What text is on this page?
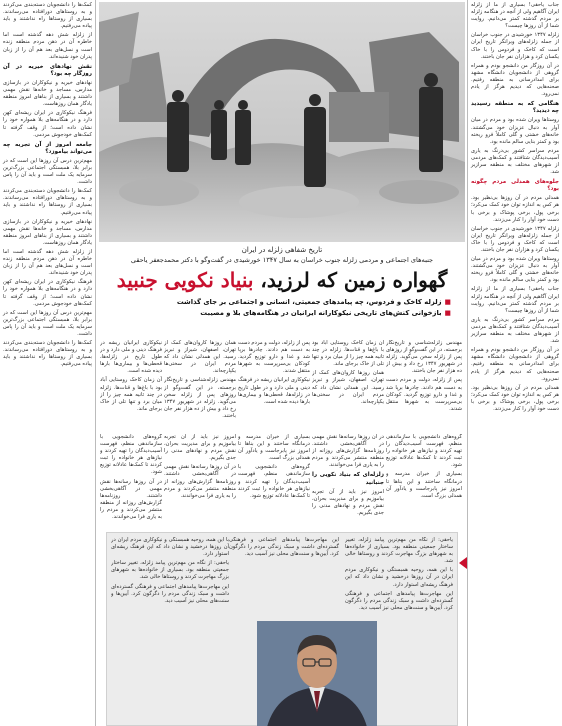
جناب یاحقی! بسیاری از ما از زلزله ایران آگاهیم ولی از آنچه در هنگامه زلزله بر مردم گذشته کمتر می‌دانیم. روایت شما از آن روزها چیست؟

زلزله ۱۳۴۷ خورشیدی در جنوب خراسان از جمله زلزله‌های ویرانگر تاریخ ایران است که کاخک و فردوس را با خاک یکسان کرد و هزاران نفر جان باختند.

در آن روزگار من دانشجو بودم و همراه گروهی از دانشجویان دانشگاه مشهد برای امدادرسانی به منطقه رفتیم. صحنه‌هایی که دیدیم هرگز از یادم نمی‌رود.

هنگامی که به منطقه رسیدید چه دیدید؟

روستاها ویران شده بود و مردم در میان آوار به دنبال عزیزان خود می‌گشتند. خانه‌های خشتی و گلی کاملاً فرو ریخته بود و کمتر بنایی سالم مانده بود.

مردم سراسر کشور بی‌درنگ به یاری آسیب‌دیدگان شتافتند و کمک‌های مردمی از شهرهای مختلف به منطقه سرازیر شد.

جلوه‌های همدلی مردم چگونه بود؟

همدلی مردم در آن روزها بی‌نظیر بود. هر کس به اندازه توان خود کمک می‌کرد؛ برخی پول، برخی پوشاک و برخی با دست خود آوار را کنار می‌زدند.

زلزله ۱۳۴۷ خورشیدی در جنوب خراسان از جمله زلزله‌های ویرانگر تاریخ ایران است که کاخک و فردوس را با خاک یکسان کرد و هزاران نفر جان باختند.

روستاها ویران شده بود و مردم در میان آوار به دنبال عزیزان خود می‌گشتند. خانه‌های خشتی و گلی کاملاً فرو ریخته بود و کمتر بنایی سالم مانده بود.

جناب یاحقی! بسیاری از ما از زلزله ایران آگاهیم ولی از آنچه در هنگامه زلزله بر مردم گذشته کمتر می‌دانیم. روایت شما از آن روزها چیست؟

مردم سراسر کشور بی‌درنگ به یاری آسیب‌دیدگان شتافتند و کمک‌های مردمی از شهرهای مختلف به منطقه سرازیر شد.

در آن روزگار من دانشجو بودم و همراه گروهی از دانشجویان دانشگاه مشهد برای امدادرسانی به منطقه رفتیم. صحنه‌هایی که دیدیم هرگز از یادم نمی‌رود.

همدلی مردم در آن روزها بی‌نظیر بود. هر کس به اندازه توان خود کمک می‌کرد؛ برخی پول، برخی پوشاک و برخی با دست خود آوار را کنار می‌زدند.

کمک‌ها را دانشجویان دسته‌بندی می‌کردند و به روستاهای دورافتاده می‌رساندند. بسیاری از روستاها راه نداشتند و باید پیاده می‌رفتیم.

از زلزله شش دهه گذشته است اما خاطره آن در ذهن مردم منطقه زنده است و نسل‌های بعد هم آن را از زبان پدران خود شنیده‌اند.

نقش نهادهای خیریه در آن روزگار چه بود؟

نهادهای خیریه و نیکوکاران در بازسازی مدارس، مساجد و خانه‌ها نقش مهمی داشتند و بسیاری از بناهای امروز منطقه یادگار همان روزهاست.

فرهنگ نیکوکاری در ایران ریشه‌ای کهن دارد و در هنگامه‌های بلا همواره خود را نشان داده است؛ از وقف گرفته تا کمک‌های خودجوش مردمی.

جامعه امروز از آن تجربه چه می‌تواند بیاموزد؟

مهم‌ترین درس آن روزها این است که در برابر بلا، همبستگی اجتماعی بزرگ‌ترین سرمایه یک ملت است و باید آن را پاس داشت.

کمک‌ها را دانشجویان دسته‌بندی می‌کردند و به روستاهای دورافتاده می‌رساندند. بسیاری از روستاها راه نداشتند و باید پیاده می‌رفتیم.

نهادهای خیریه و نیکوکاران در بازسازی مدارس، مساجد و خانه‌ها نقش مهمی داشتند و بسیاری از بناهای امروز منطقه یادگار همان روزهاست.

از زلزله شش دهه گذشته است اما خاطره آن در ذهن مردم منطقه زنده است و نسل‌های بعد هم آن را از زبان پدران خود شنیده‌اند.

فرهنگ نیکوکاری در ایران ریشه‌ای کهن دارد و در هنگامه‌های بلا همواره خود را نشان داده است؛ از وقف گرفته تا کمک‌های خودجوش مردمی.

مهم‌ترین درس آن روزها این است که در برابر بلا، همبستگی اجتماعی بزرگ‌ترین سرمایه یک ملت است و باید آن را پاس داشت.

کمک‌ها را دانشجویان دسته‌بندی می‌کردند و به روستاهای دورافتاده می‌رساندند. بسیاری از روستاها راه نداشتند و باید پیاده می‌رفتیم.

تاریخ شفاهی زلزله در ایران
جنبه‌های اجتماعی و مردمی زلزله جنوب خراسان به سال ۱۳۴۷ خورشیدی در گفت‌وگو با دکتر محمدجعفر یاحقی
گهواره زمین که لرزید، بنیاد نکویی جنبید
■زلزله کاخک و فردوس، چه پیامدهای جمعیتی، انسانی و اجتماعی بر جای گذاشت
■بازخوانی کنش‌های تاریخی نیکوکارانه ایرانیان در هنگامه‌های بلا و مصیبت

مهندس زلزله‌شناسی و تاریخ‌نگار برجسته، در این گفت‌وگو از روزهای پس از زلزله سخن می‌گوید. زلزله در شهریور ۱۳۴۷ رخ داد و بیش از ده هزار نفر جان باختند.

پس از زلزله، دولت و مردم دست به دست هم دادند. چادرها برپا شد و غذا و دارو توزیع گردید. کودکان بی‌سرپرست به شهرها منتقل شدند.

آن زمان کاخک روستایی آباد بود با باغ‌ها و قنات‌ها. زلزله در چند ثانیه همه چیز را از میان برد و تنها تلی از خاک برجای ماند.

همان روزها کاروان‌های کمک از تهران، اصفهان، شیراز و تبریز رسید. این همدلی نشان داد که مردم ایران در سختی‌ها یکپارچه‌اند.

پس از زلزله، دولت و مردم دست به دست هم دادند. چادرها برپا شد و غذا و دارو توزیع گردید. کودکان بی‌سرپرست به شهرها منتقل شدند.

نیکوکاری ایرانیان ریشه در فرهنگ دینی و ملی دارد و در طول تاریخ در زلزله‌ها، قحطی‌ها و بیماری‌ها بارها دیده شده است.

همان روزها کاروان‌های کمک از تهران، اصفهان، شیراز و تبریز رسید. این همدلی نشان داد که مردم ایران در سختی‌ها یکپارچه‌اند.

مهندس زلزله‌شناسی و تاریخ‌نگار برجسته، در این گفت‌وگو از روزهای پس از زلزله سخن می‌گوید. زلزله در شهریور ۱۳۴۷ رخ داد و بیش از ده هزار نفر جان باختند.

نیکوکاری ایرانیان ریشه در فرهنگ دینی و ملی دارد و در طول تاریخ در زلزله‌ها، قحطی‌ها و بیماری‌ها بارها دیده شده است.

آن زمان کاخک روستایی آباد بود با باغ‌ها و قنات‌ها. زلزله در چند ثانیه همه چیز را از میان برد و تنها تلی از خاک برجای ماند.

گروه‌های دانشجویی با سازماندهی منظم، فهرست آسیب‌دیدگان را تهیه کردند و نیازهای هر خانواده را ثبت کردند تا کمک‌ها عادلانه توزیع شود.

بسیاری از خیران مدرسه و درمانگاه ساختند و این بناها تا امروز نیز پابرجاست و یادآور آن همدلی بزرگ است.

در آن روزها رسانه‌ها نقش مهمی در آگاهی‌بخشی داشتند. روزنامه‌ها گزارش‌های روزانه از منطقه منتشر می‌کردند و مردم را به یاری فرا می‌خواندند.

زلزله‌ای که بنیاد نکویی را جنبانید

امروز نیز باید از آن تجربه بیاموزیم و برای مدیریت بحران، نقش مردم و نهادهای مدنی را جدی بگیریم.

بسیاری از خیران مدرسه و درمانگاه ساختند و این بناها تا امروز نیز پابرجاست و یادآور آن همدلی بزرگ است.

گروه‌های دانشجویی با سازماندهی منظم، فهرست آسیب‌دیدگان را تهیه کردند و نیازهای هر خانواده را ثبت کردند تا کمک‌ها عادلانه توزیع شود.

امروز نیز باید از آن تجربه بیاموزیم و برای مدیریت بحران، نقش مردم و نهادهای مدنی را جدی بگیریم.

در آن روزها رسانه‌ها نقش مهمی در آگاهی‌بخشی داشتند. روزنامه‌ها گزارش‌های روزانه از منطقه منتشر می‌کردند و مردم را به یاری فرا می‌خواندند.

گروه‌های دانشجویی با سازماندهی منظم، فهرست آسیب‌دیدگان را تهیه کردند و نیازهای هر خانواده را ثبت کردند تا کمک‌ها عادلانه توزیع شود.

در آن روزها رسانه‌ها نقش مهمی در آگاهی‌بخشی داشتند. روزنامه‌ها گزارش‌های روزانه از منطقه منتشر می‌کردند و مردم را به یاری فرا می‌خواندند.

یاحقی: از نگاه من مهم‌ترین پیامد زلزله، تغییر ساختار جمعیتی منطقه بود. بسیاری از خانواده‌ها به شهرهای بزرگ مهاجرت کردند و روستاها خالی شد.

با این همه، روحیه همبستگی و نیکوکاری مردم ایران در آن روزها درخشید و نشان داد که این فرهنگ ریشه‌ای استوار دارد.

این مهاجرت‌ها پیامدهای اجتماعی و فرهنگی گسترده‌ای داشت و سبک زندگی مردم را دگرگون کرد. آیین‌ها و سنت‌های محلی نیز آسیب دید.

این مهاجرت‌ها پیامدهای اجتماعی و فرهنگی گسترده‌ای داشت و سبک زندگی مردم را دگرگون کرد. آیین‌ها و سنت‌های محلی نیز آسیب دید.

با این همه، روحیه همبستگی و نیکوکاری مردم ایران در آن روزها درخشید و نشان داد که این فرهنگ ریشه‌ای استوار دارد.

یاحقی: از نگاه من مهم‌ترین پیامد زلزله، تغییر ساختار جمعیتی منطقه بود. بسیاری از خانواده‌ها به شهرهای بزرگ مهاجرت کردند و روستاها خالی شد.

این مهاجرت‌ها پیامدهای اجتماعی و فرهنگی گسترده‌ای داشت و سبک زندگی مردم را دگرگون کرد. آیین‌ها و سنت‌های محلی نیز آسیب دید.
